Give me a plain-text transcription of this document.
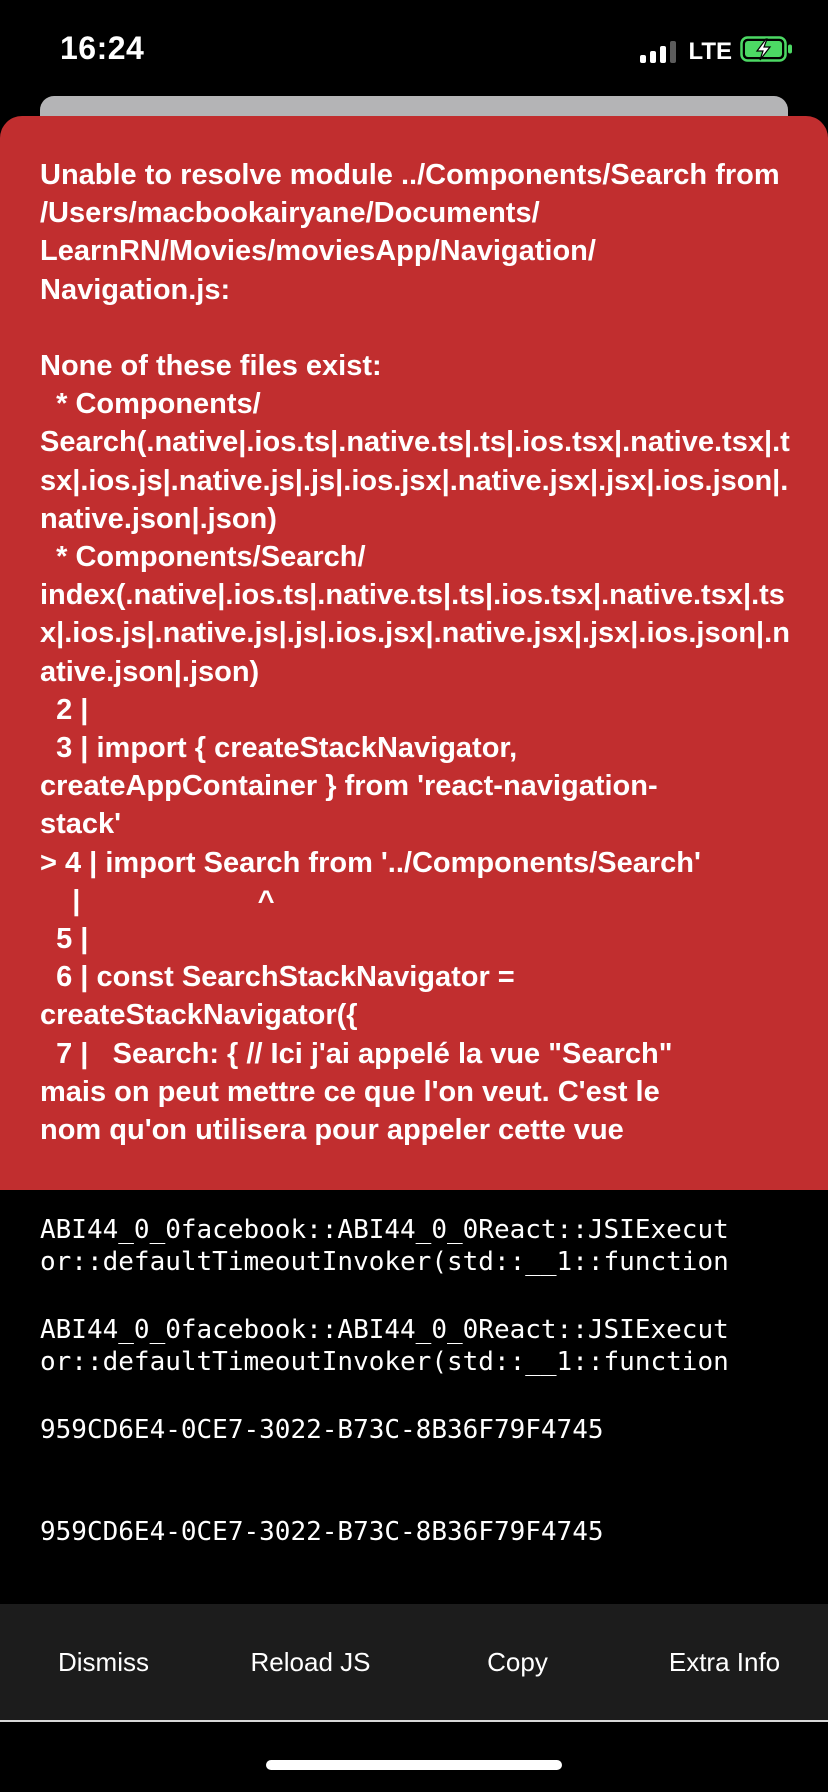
16:24	LTE
Unable to resolve module ../Components/Search from /Users/macbookairyane/Documents/
LearnRN/Movies/moviesApp/Navigation/
Navigation.js:

None of these files exist:
* Components/
Search(.native|.ios.ts|.native.ts|.ts|.ios.tsx|.native.tsx|.tsx|.ios.js|.native.js|.js|.ios.jsx|.native.jsx|.jsx|.ios.json|.native.json|.json)
* Components/Search/
index(.native|.ios.ts|.native.ts|.ts|.ios.tsx|.native.tsx|.tsx|.ios.js|.native.js|.js|.ios.jsx|.native.jsx|.jsx|.ios.json|.native.json|.json)
2 |
3 | import { createStackNavigator,
createAppContainer } from 'react-navigation-
stack'
> 4 | import Search from '../Components/Search'
|                      ^
5 |
6 | const SearchStackNavigator =
createStackNavigator({
7 |   Search: { // Ici j'ai appelé la vue "Search"
mais on peut mettre ce que l'on veut. C'est le
nom qu'on utilisera pour appeler cette vue
ABI44_0_0facebook::ABI44_0_0React::JSIExecut
or::defaultTimeoutInvoker(std::__1::function
ABI44_0_0facebook::ABI44_0_0React::JSIExecut
or::defaultTimeoutInvoker(std::__1::function
959CD6E4-0CE7-3022-B73C-8B36F79F4745
959CD6E4-0CE7-3022-B73C-8B36F79F4745
Dismiss	Reload JS	Copy	Extra Info
